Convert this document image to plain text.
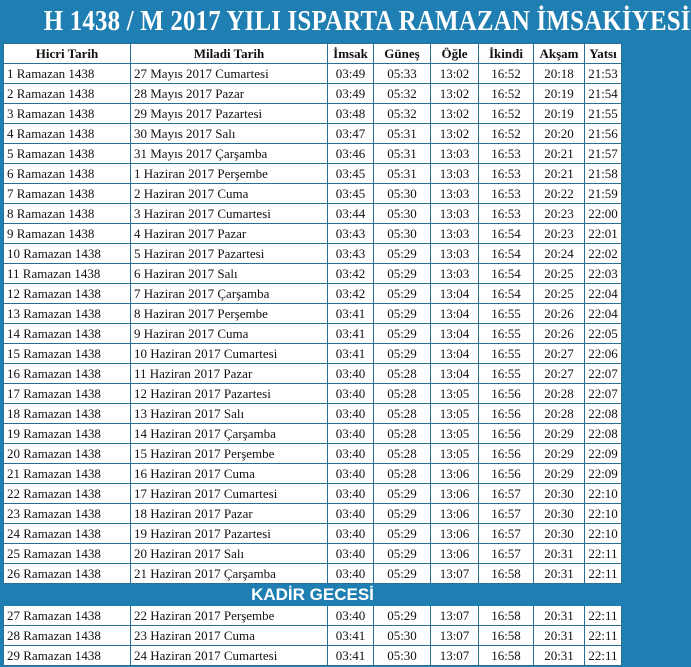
H 1438 / M 2017 YILI ISPARTA RAMAZAN İMSAKİYESİ
Hicri Tarih	Miladi Tarih	İmsak	Güneş	Öğle	İkindi	Akşam	Yatsı
1 Ramazan 1438	27 Mayıs 2017 Cumartesi	03:49	05:33	13:02	16:52	20:18	21:53
2 Ramazan 1438	28 Mayıs 2017 Pazar	03:49	05:32	13:02	16:52	20:19	21:54
3 Ramazan 1438	29 Mayıs 2017 Pazartesi	03:48	05:32	13:02	16:52	20:19	21:55
4 Ramazan 1438	30 Mayıs 2017 Salı	03:47	05:31	13:02	16:52	20:20	21:56
5 Ramazan 1438	31 Mayıs 2017 Çarşamba	03:46	05:31	13:03	16:53	20:21	21:57
6 Ramazan 1438	1 Haziran 2017 Perşembe	03:45	05:31	13:03	16:53	20:21	21:58
7 Ramazan 1438	2 Haziran 2017 Cuma	03:45	05:30	13:03	16:53	20:22	21:59
8 Ramazan 1438	3 Haziran 2017 Cumartesi	03:44	05:30	13:03	16:53	20:23	22:00
9 Ramazan 1438	4 Haziran 2017 Pazar	03:43	05:30	13:03	16:54	20:23	22:01
10 Ramazan 1438	5 Haziran 2017 Pazartesi	03:43	05:29	13:03	16:54	20:24	22:02
11 Ramazan 1438	6 Haziran 2017 Salı	03:42	05:29	13:03	16:54	20:25	22:03
12 Ramazan 1438	7 Haziran 2017 Çarşamba	03:42	05:29	13:04	16:54	20:25	22:04
13 Ramazan 1438	8 Haziran 2017 Perşembe	03:41	05:29	13:04	16:55	20:26	22:04
14 Ramazan 1438	9 Haziran 2017 Cuma	03:41	05:29	13:04	16:55	20:26	22:05
15 Ramazan 1438	10 Haziran 2017 Cumartesi	03:41	05:29	13:04	16:55	20:27	22:06
16 Ramazan 1438	11 Haziran 2017 Pazar	03:40	05:28	13:04	16:55	20:27	22:07
17 Ramazan 1438	12 Haziran 2017 Pazartesi	03:40	05:28	13:05	16:56	20:28	22:07
18 Ramazan 1438	13 Haziran 2017 Salı	03:40	05:28	13:05	16:56	20:28	22:08
19 Ramazan 1438	14 Haziran 2017 Çarşamba	03:40	05:28	13:05	16:56	20:29	22:08
20 Ramazan 1438	15 Haziran 2017 Perşembe	03:40	05:28	13:05	16:56	20:29	22:09
21 Ramazan 1438	16 Haziran 2017 Cuma	03:40	05:28	13:06	16:56	20:29	22:09
22 Ramazan 1438	17 Haziran 2017 Cumartesi	03:40	05:29	13:06	16:57	20:30	22:10
23 Ramazan 1438	18 Haziran 2017 Pazar	03:40	05:29	13:06	16:57	20:30	22:10
24 Ramazan 1438	19 Haziran 2017 Pazartesi	03:40	05:29	13:06	16:57	20:30	22:10
25 Ramazan 1438	20 Haziran 2017 Salı	03:40	05:29	13:06	16:57	20:31	22:11
26 Ramazan 1438	21 Haziran 2017 Çarşamba	03:40	05:29	13:07	16:58	20:31	22:11
KADİR GECESİ							
27 Ramazan 1438	22 Haziran 2017 Perşembe	03:40	05:29	13:07	16:58	20:31	22:11
28 Ramazan 1438	23 Haziran 2017 Cuma	03:41	05:30	13:07	16:58	20:31	22:11
29 Ramazan 1438	24 Haziran 2017 Cumartesi	03:41	05:30	13:07	16:58	20:31	22:11
